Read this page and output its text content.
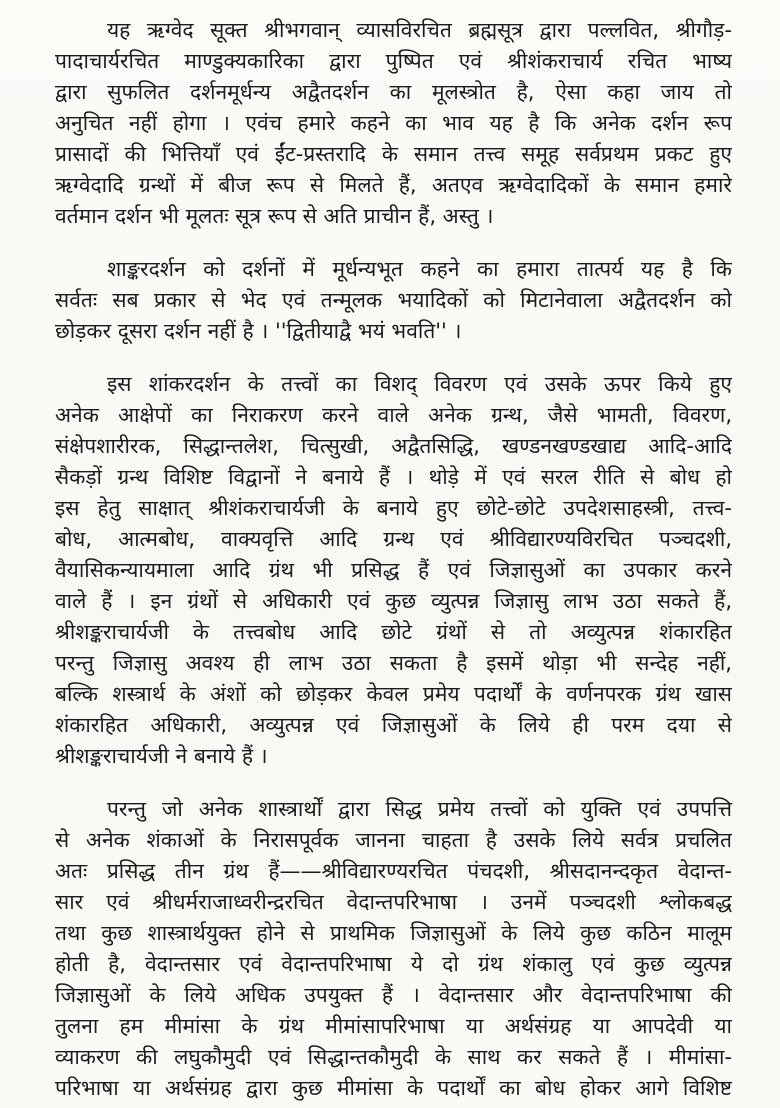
यह ऋग्वेद सूक्त श्रीभगवान् व्यासविरचित ब्रह्मसूत्र द्वारा पल्लवित, श्रीगौड़-
पादाचार्यरचित माण्डुक्यकारिका द्वारा पुष्पित एवं श्रीशंकराचार्य रचित भाष्य
द्वारा सुफलित दर्शनमूर्धन्य अद्वैतदर्शन का मूलस्त्रोत है, ऐसा कहा जाय तो
अनुचित नहीं होगा । एवंच हमारे कहने का भाव यह है कि अनेक दर्शन रूप
प्रासादों की भित्तियाँ एवं ईंट-प्रस्तरादि के समान तत्त्व समूह सर्वप्रथम प्रकट हुए
ऋग्वेदादि ग्रन्थों में बीज रूप से मिलते हैं, अतएव ऋग्वेदादिकों के समान हमारे
वर्तमान दर्शन भी मूलतः सूत्र रूप से अति प्राचीन हैं, अस्तु ।
शाङ्करदर्शन को दर्शनों में मूर्धन्यभूत कहने का हमारा तात्पर्य यह है कि
सर्वतः सब प्रकार से भेद एवं तन्मूलक भयादिकों को मिटानेवाला अद्वैतदर्शन को
छोड़कर दूसरा दर्शन नहीं है । ''द्वितीयाद्वै भयं भवति'' ।
इस शांकरदर्शन के तत्त्वों का विशद् विवरण एवं उसके ऊपर किये हुए
अनेक आक्षेपों का निराकरण करने वाले अनेक ग्रन्थ, जैसे भामती, विवरण,
संक्षेपशारीरक, सिद्धान्तलेश, चित्सुखी, अद्वैतसिद्धि, खण्डनखण्डखाद्य आदि-आदि
सैकड़ों ग्रन्थ विशिष्ट विद्वानों ने बनाये हैं । थोड़े में एवं सरल रीति से बोध हो
इस हेतु साक्षात् श्रीशंकराचार्यजी के बनाये हुए छोटे-छोटे उपदेशसाहस्त्री, तत्त्व-
बोध, आत्मबोध, वाक्यवृत्ति आदि ग्रन्थ एवं श्रीविद्यारण्यविरचित पञ्चदशी,
वैयासिकन्यायमाला आदि ग्रंथ भी प्रसिद्ध हैं एवं जिज्ञासुओं का उपकार करने
वाले हैं । इन ग्रंथों से अधिकारी एवं कुछ व्युत्पन्न जिज्ञासु लाभ उठा सकते हैं,
श्रीशङ्कराचार्यजी के तत्त्वबोध आदि छोटे ग्रंथों से तो अव्युत्पन्न शंकारहित
परन्तु जिज्ञासु अवश्य ही लाभ उठा सकता है इसमें थोड़ा भी सन्देह नहीं,
बल्कि शस्त्रार्थ के अंशों को छोड़कर केवल प्रमेय पदार्थों के वर्णनपरक ग्रंथ खास
शंकारहित अधिकारी, अव्युत्पन्न एवं जिज्ञासुओं के लिये ही परम दया से
श्रीशङ्कराचार्यजी ने बनाये हैं ।
परन्तु जो अनेक शास्त्रार्थों द्वारा सिद्ध प्रमेय तत्त्वों को युक्ति एवं उपपत्ति
से अनेक शंकाओं के निरासपूर्वक जानना चाहता है उसके लिये सर्वत्र प्रचलित
अतः प्रसिद्ध तीन ग्रंथ हैं——श्रीविद्यारण्यरचित पंचदशी, श्रीसदानन्दकृत वेदान्त-
सार एवं श्रीधर्मराजाध्वरीन्द्ररचित वेदान्तपरिभाषा । उनमें पञ्चदशी श्लोकबद्ध
तथा कुछ शास्त्रार्थयुक्त होने से प्राथमिक जिज्ञासुओं के लिये कुछ कठिन मालूम
होती है, वेदान्तसार एवं वेदान्तपरिभाषा ये दो ग्रंथ शंकालु एवं कुछ व्युत्पन्न
जिज्ञासुओं के लिये अधिक उपयुक्त हैं । वेदान्तसार और वेदान्तपरिभाषा की
तुलना हम मीमांसा के ग्रंथ मीमांसापरिभाषा या अर्थसंग्रह या आपदेवी या
व्याकरण की लघुकौमुदी एवं सिद्धान्तकौमुदी के साथ कर सकते हैं । मीमांसा-
परिभाषा या अर्थसंग्रह द्वारा कुछ मीमांसा के पदार्थों का बोध होकर आगे विशिष्ट
